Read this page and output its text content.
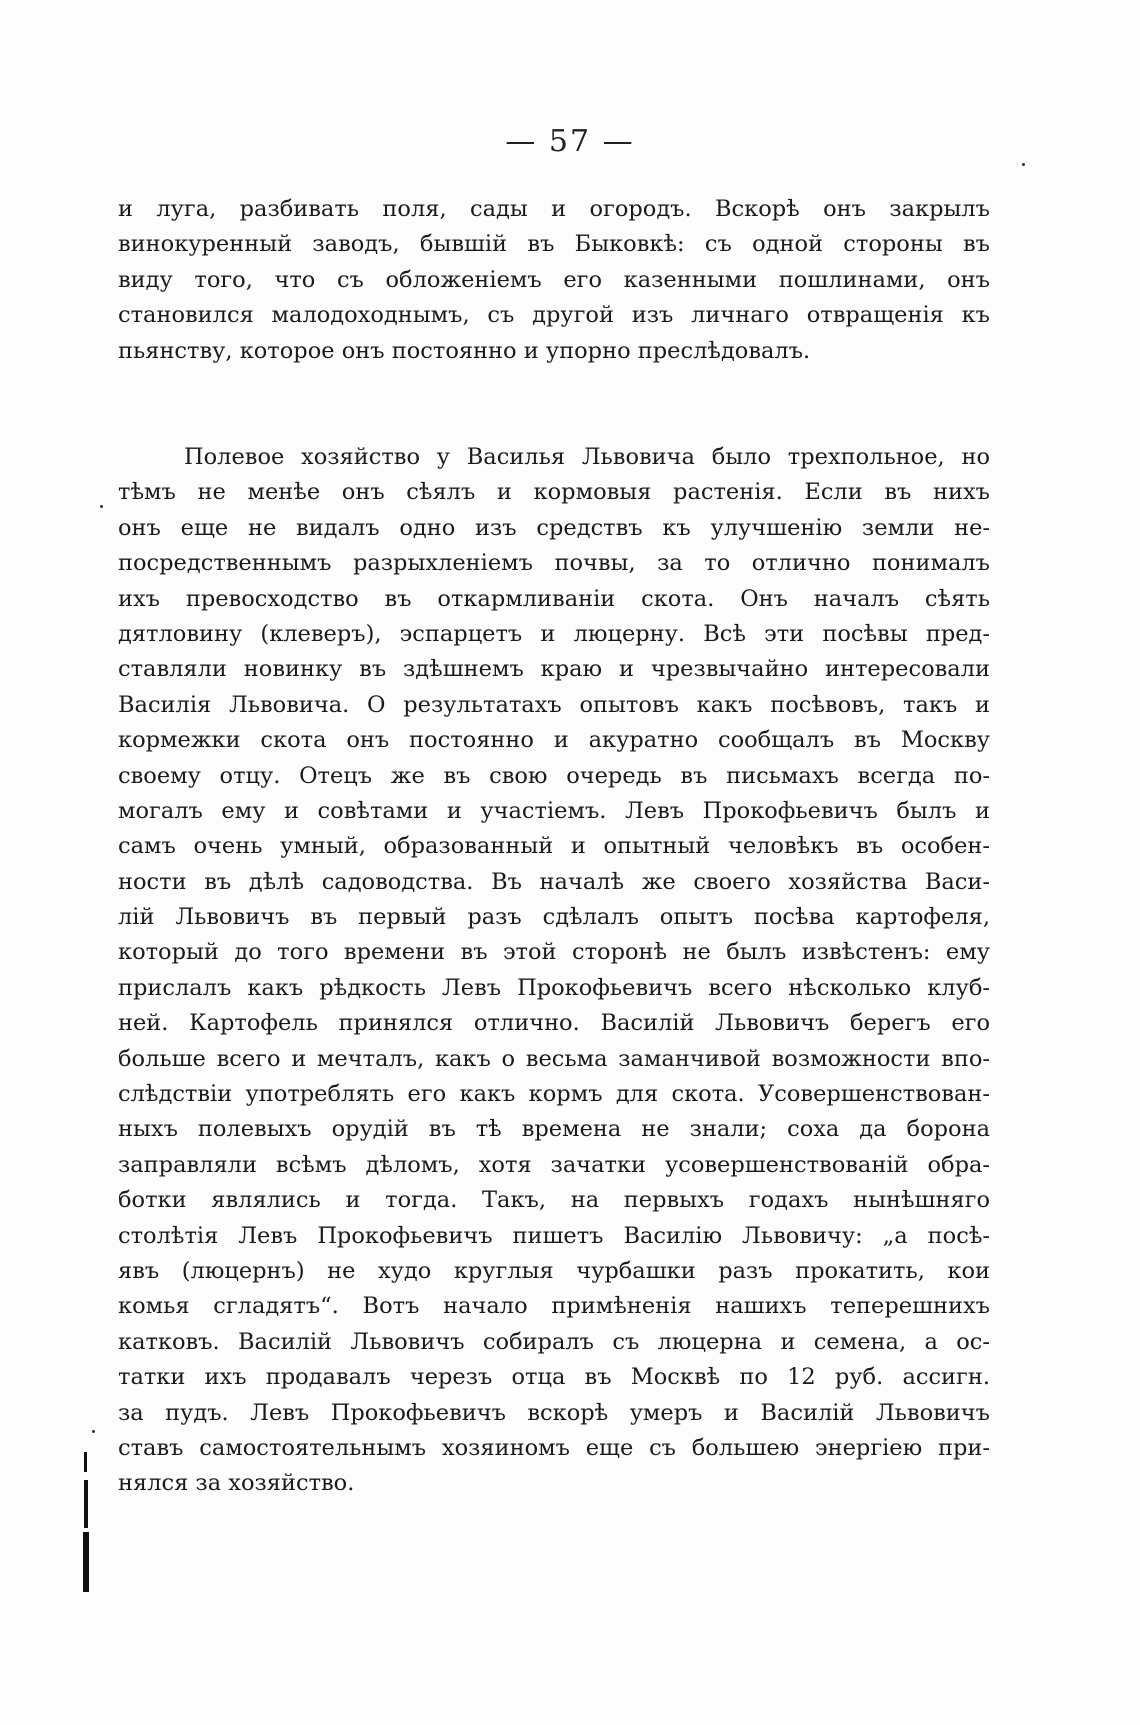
— 57 —
и луга, разбивать поля, сады и огородъ. Вскорѣ онъ закрылъ
винокуренный заводъ, бывшій въ Быковкѣ: съ одной стороны въ
виду того, что съ обложеніемъ его казенными пошлинами, онъ
становился малодоходнымъ, съ другой изъ личнаго отвращенія къ
пьянству, которое онъ постоянно и упорно преслѣдовалъ.
Полевое хозяйство у Василья Львовича было трехпольное, но
тѣмъ не менѣе онъ сѣялъ и кормовыя растенія. Если въ нихъ
онъ еще не видалъ одно изъ средствъ къ улучшенію земли не-
посредственнымъ разрыхленіемъ почвы, за то отлично понималъ
ихъ превосходство въ откармливаніи скота. Онъ началъ сѣять
дятловину (клеверъ), эспарцетъ и люцерну. Всѣ эти посѣвы пред-
ставляли новинку въ здѣшнемъ краю и чрезвычайно интересовали
Василія Львовича. О результатахъ опытовъ какъ посѣвовъ, такъ и
кормежки скота онъ постоянно и акуратно сообщалъ въ Москву
своему отцу. Отецъ же въ свою очередь въ письмахъ всегда по-
могалъ ему и совѣтами и участіемъ. Левъ Прокофьевичъ былъ и
самъ очень умный, образованный и опытный человѣкъ въ особен-
ности въ дѣлѣ садоводства. Въ началѣ же своего хозяйства Васи-
лій Львовичъ въ первый разъ сдѣлалъ опытъ посѣва картофеля,
который до того времени въ этой сторонѣ не былъ извѣстенъ: ему
прислалъ какъ рѣдкость Левъ Прокофьевичъ всего нѣсколько клуб-
ней. Картофель принялся отлично. Василій Львовичъ берегъ его
больше всего и мечталъ, какъ о весьма заманчивой возможности впо-
слѣдствіи употреблять его какъ кормъ для скота. Усовершенствован-
ныхъ полевыхъ орудій въ тѣ времена не знали; соха да борона
заправляли всѣмъ дѣломъ, хотя зачатки усовершенствованій обра-
ботки являлись и тогда. Такъ, на первыхъ годахъ нынѣшняго
столѣтія Левъ Прокофьевичъ пишетъ Василію Львовичу: „а посѣ-
явъ (люцернъ) не худо круглыя чурбашки разъ прокатить, кои
комья сгладятъ“. Вотъ начало примѣненія нашихъ теперешнихъ
катковъ. Василій Львовичъ собиралъ съ люцерна и семена, а ос-
татки ихъ продавалъ черезъ отца въ Москвѣ по 12 руб. ассигн.
за пудъ. Левъ Прокофьевичъ вскорѣ умеръ и Василій Львовичъ
ставъ самостоятельнымъ хозяиномъ еще съ большею энергіею при-
нялся за хозяйство.
